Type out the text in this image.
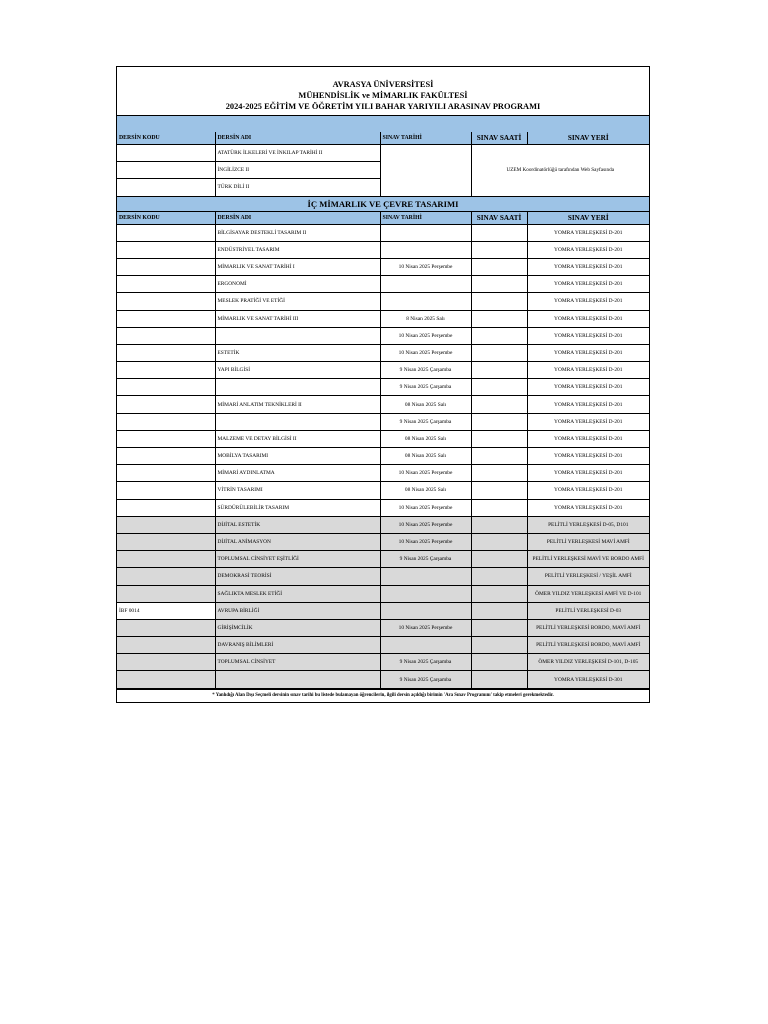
AVRASYA ÜNİVERSİTESİ
MÜHENDİSLİK ve MİMARLIK FAKÜLTESİ
2024-2025 EĞİTİM VE ÖĞRETİM YILI BAHAR YARIYILI ARASINAV PROGRAMI
DERSİN KODU	DERSİN ADI	SINAV TARİHİ	SINAV SAATİ	SINAV YERİ
	ATATÜRK İLKELERİ VE İNKILAP TARİHİ II		UZEM Koordinatörlüğü tarafından Web Sayfasında	
	İNGİLİZCE II			
	TÜRK DİLİ II			
İÇ MİMARLIK VE ÇEVRE TASARIMI				
DERSİN KODU	DERSİN ADI	SINAV TARİHİ	SINAV SAATİ	SINAV YERİ
	BİLGİSAYAR DESTEKLİ TASARIM II			YOMRA YERLEŞKESİ D-201
	ENDÜSTRİYEL TASARIM			YOMRA YERLEŞKESİ D-201
	MİMARLIK VE SANAT TARİHİ I	10 Nisan 2025 Perşembe		YOMRA YERLEŞKESİ D-201
	ERGONOMİ			YOMRA YERLEŞKESİ D-201
	MESLEK PRATİĞİ VE ETİĞİ			YOMRA YERLEŞKESİ D-201
	MİMARLIK VE SANAT TARİHİ III	8 Nisan 2025 Salı		YOMRA YERLEŞKESİ D-201
		10 Nisan 2025 Perşembe		YOMRA YERLEŞKESİ D-201
	ESTETİK	10 Nisan 2025 Perşembe		YOMRA YERLEŞKESİ D-201
	YAPI BİLGİSİ	9 Nisan 2025 Çarşamba		YOMRA YERLEŞKESİ D-201
		9 Nisan 2025 Çarşamba		YOMRA YERLEŞKESİ D-201
	MİMARİ ANLATIM TEKNİKLERİ II	08 Nisan 2025 Salı		YOMRA YERLEŞKESİ D-201
		9 Nisan 2025 Çarşamba		YOMRA YERLEŞKESİ D-201
	MALZEME VE DETAY BİLGİSİ II	08 Nisan 2025 Salı		YOMRA YERLEŞKESİ D-201
	MOBİLYA TASARIMI	08 Nisan 2025 Salı		YOMRA YERLEŞKESİ D-201
	MİMARİ AYDINLATMA	10 Nisan 2025 Perşembe		YOMRA YERLEŞKESİ D-201
	VİTRİN TASARIMI	08 Nisan 2025 Salı		YOMRA YERLEŞKESİ D-201
	SÜRDÜRÜLEBİLİR TASARIM	10 Nisan 2025 Perşembe		YOMRA YERLEŞKESİ D-201
	DİJİTAL ESTETİK	10 Nisan 2025 Perşembe		PELİTLİ YERLEŞKESİ D-05, D101
	DİJİTAL ANİMASYON	10 Nisan 2025 Perşembe		PELİTLİ YERLEŞKESİ MAVİ AMFİ
	TOPLUMSAL CİNSİYET EŞİTLİĞİ	9 Nisan 2025 Çarşamba		PELİTLİ YERLEŞKESİ MAVİ VE BORDO AMFİ
	DEMOKRASİ TEORİSİ			PELİTLİ YERLEŞKESİ / YEŞİL AMFİ
	SAĞLIKTA MESLEK ETİĞİ			ÖMER YILDIZ YERLEŞKESİ AMFİ VE D-101
İBF 0014	AVRUPA BİRLİĞİ			PELİTLİ YERLEŞKESİ D-03
	GİRİŞİMCİLİK	10 Nisan 2025 Perşembe		PELİTLİ YERLEŞKESİ BORDO, MAVİ AMFİ
	DAVRANIŞ BİLİMLERİ			PELİTLİ YERLEŞKESİ BORDO, MAVİ AMFİ
	TOPLUMSAL CİNSİYET	9 Nisan 2025 Çarşamba		ÖMER YILDIZ YERLEŞKESİ D-101, D-105
		9 Nisan 2025 Çarşamba		YOMRA YERLEŞKESİ D-301
* Yanlıdığı Alan Dışı Seçmeli dersinin sınav tarihi bu listede bulamayan öğrencilerin, ilgili dersin açıldığı birimin 'Ara Sınav Programını' takip etmeleri gerekmektedir.
